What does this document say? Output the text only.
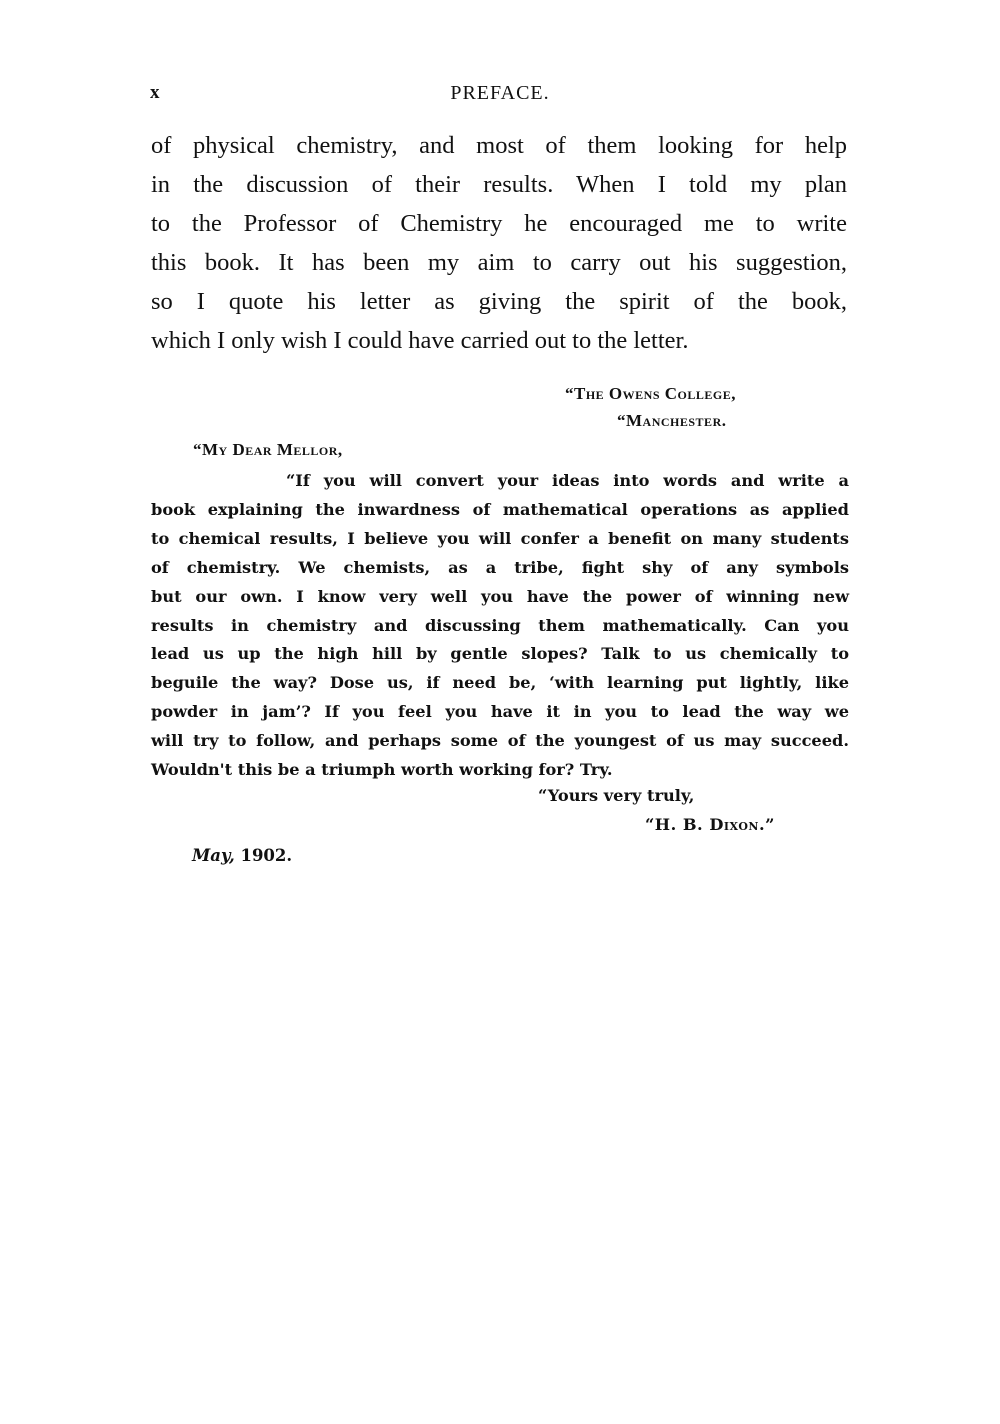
x	PREFACE.

of physical chemistry, and most of them looking for help
in the discussion of their results. When I told my plan
to the Professor of Chemistry he encouraged me to write
this book. It has been my aim to carry out his suggestion,
so I quote his letter as giving the spirit of the book,
which I only wish I could have carried out to the letter.

“The Owens College,
“Manchester.
“My Dear Mellor,
“If you will convert your ideas into words and write a
book explaining the inwardness of mathematical operations as applied
to chemical results, I believe you will confer a benefit on many students
of chemistry. We chemists, as a tribe, fight shy of any symbols
but our own. I know very well you have the power of winning new
results in chemistry and discussing them mathematically. Can you
lead us up the high hill by gentle slopes? Talk to us chemically to
beguile the way? Dose us, if need be, ‘with learning put lightly, like
powder in jam’? If you feel you have it in you to lead the way we
will try to follow, and perhaps some of the youngest of us may succeed.
Wouldn't this be a triumph worth working for? Try.
“Yours very truly,
“H. B. Dixon.”
May, 1902.
